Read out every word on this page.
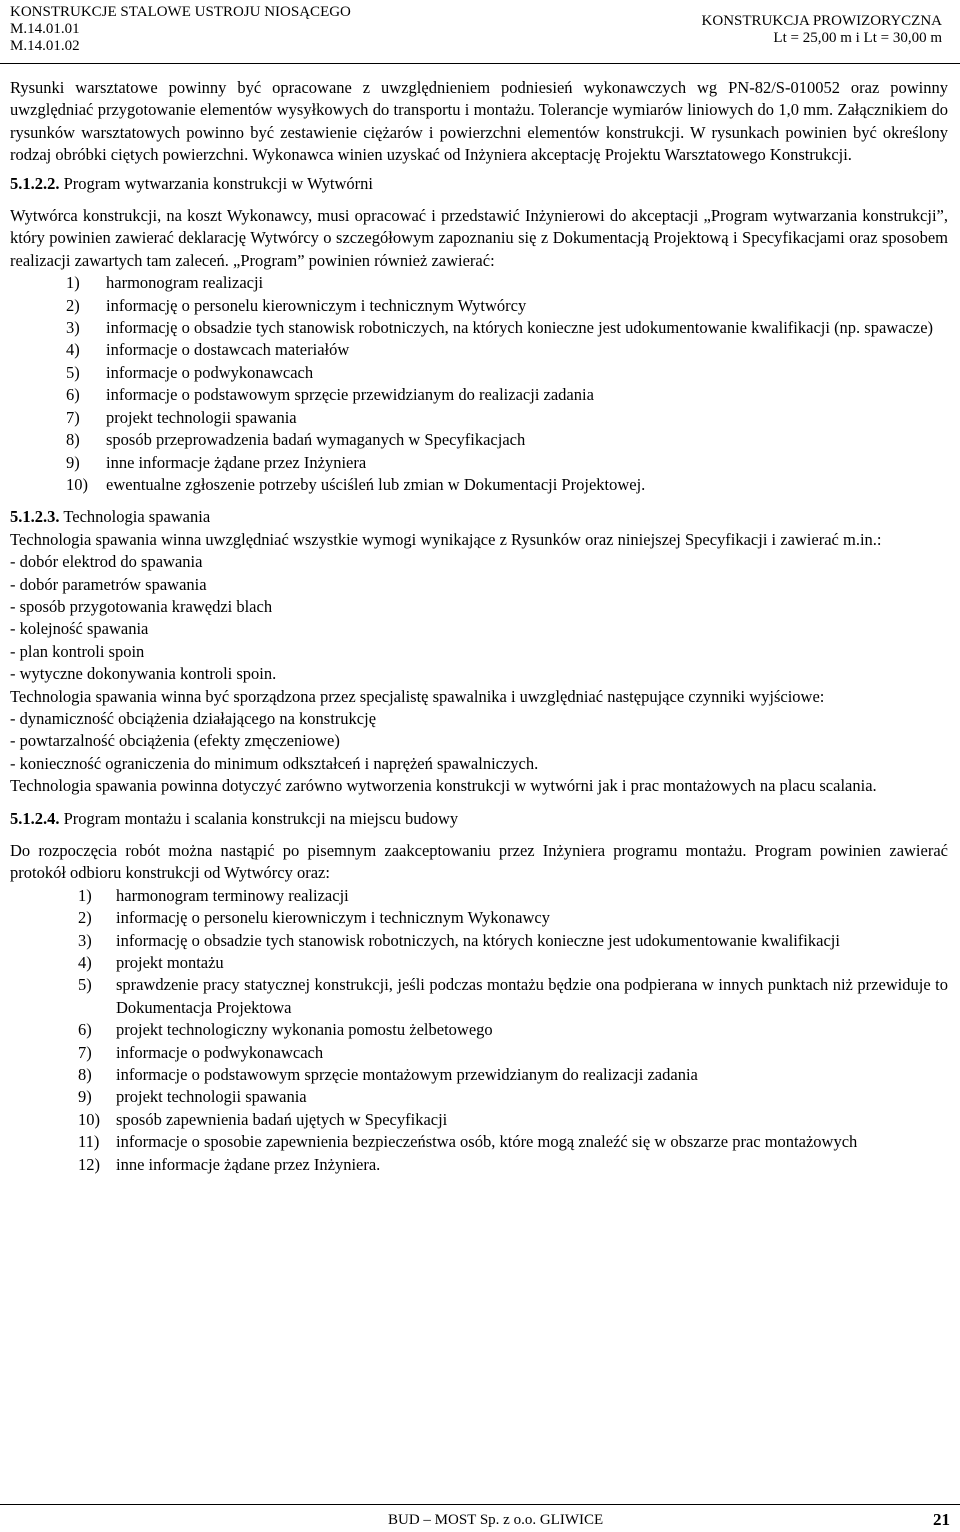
KONSTRUKCJE STALOWE USTROJU NIOSĄCEGO
M.14.01.01
M.14.01.02
KONSTRUKCJA PROWIZORYCZNA
Lt = 25,00 m i Lt = 30,00 m

Rysunki warsztatowe powinny być opracowane z uwzględnieniem podniesień wykonawczych wg PN-82/S-010052 oraz powinny uwzględniać przygotowanie elementów wysyłkowych do transportu i montażu. Tolerancje wymiarów liniowych do 1,0 mm. Załącznikiem do rysunków warsztatowych powinno być zestawienie ciężarów i powierzchni elementów konstrukcji. W rysunkach powinien być określony rodzaj obróbki ciętych powierzchni. Wykonawca winien uzyskać od Inżyniera akceptację Projektu Warsztatowego Konstrukcji.

5.1.2.2. Program wytwarzania konstrukcji w Wytwórni

Wytwórca konstrukcji, na koszt Wykonawcy, musi opracować i przedstawić Inżynierowi do akceptacji „Program wytwarzania konstrukcji”, który powinien zawierać deklarację Wytwórcy o szczegółowym zapoznaniu się z Dokumentacją Projektową i Specyfikacjami oraz sposobem realizacji zawartych tam zaleceń. „Program” powinien również zawierać:

1) harmonogram realizacji
2) informację o personelu kierowniczym i technicznym Wytwórcy
3) informację o obsadzie tych stanowisk robotniczych, na których konieczne jest udokumentowanie kwalifikacji (np. spawacze)
4) informacje o dostawcach materiałów
5) informacje o podwykonawcach
6) informacje o podstawowym sprzęcie przewidzianym do realizacji zadania
7) projekt technologii spawania
8) sposób przeprowadzenia badań wymaganych w Specyfikacjach
9) inne informacje żądane przez Inżyniera
10) ewentualne zgłoszenie potrzeby uściśleń lub zmian w Dokumentacji Projektowej.

5.1.2.3. Technologia spawania

Technologia spawania winna uwzględniać wszystkie wymogi wynikające z Rysunków oraz niniejszej Specyfikacji i zawierać m.in.:

- dobór elektrod do spawania

- dobór parametrów spawania

- sposób przygotowania krawędzi blach

- kolejność spawania

- plan kontroli spoin

- wytyczne dokonywania kontroli spoin.

Technologia spawania winna być sporządzona przez specjalistę spawalnika i uwzględniać następujące czynniki wyjściowe:

- dynamiczność obciążenia działającego na konstrukcję

- powtarzalność obciążenia (efekty zmęczeniowe)

- konieczność ograniczenia do minimum odkształceń i naprężeń spawalniczych.

Technologia spawania powinna dotyczyć zarówno wytworzenia konstrukcji w wytwórni jak i prac montażowych na placu scalania.

5.1.2.4. Program montażu i scalania konstrukcji na miejscu budowy

Do rozpoczęcia robót można nastąpić po pisemnym zaakceptowaniu przez Inżyniera programu montażu. Program powinien zawierać protokół odbioru konstrukcji od Wytwórcy oraz:

1) harmonogram terminowy realizacji
2) informację o personelu kierowniczym i technicznym Wykonawcy
3) informację o obsadzie tych stanowisk robotniczych, na których konieczne jest udokumentowanie kwalifikacji
4) projekt montażu
5) sprawdzenie pracy statycznej konstrukcji, jeśli podczas montażu będzie ona podpierana w innych punktach niż przewiduje to Dokumentacja Projektowa
6) projekt technologiczny wykonania pomostu żelbetowego
7) informacje o podwykonawcach
8) informacje o podstawowym sprzęcie montażowym przewidzianym do realizacji zadania
9) projekt technologii spawania
10) sposób zapewnienia badań ujętych w Specyfikacji
11) informacje o sposobie zapewnienia bezpieczeństwa osób, które mogą znaleźć się w obszarze prac montażowych
12) inne informacje żądane przez Inżyniera.
BUD – MOST Sp. z o.o. GLIWICE	21
